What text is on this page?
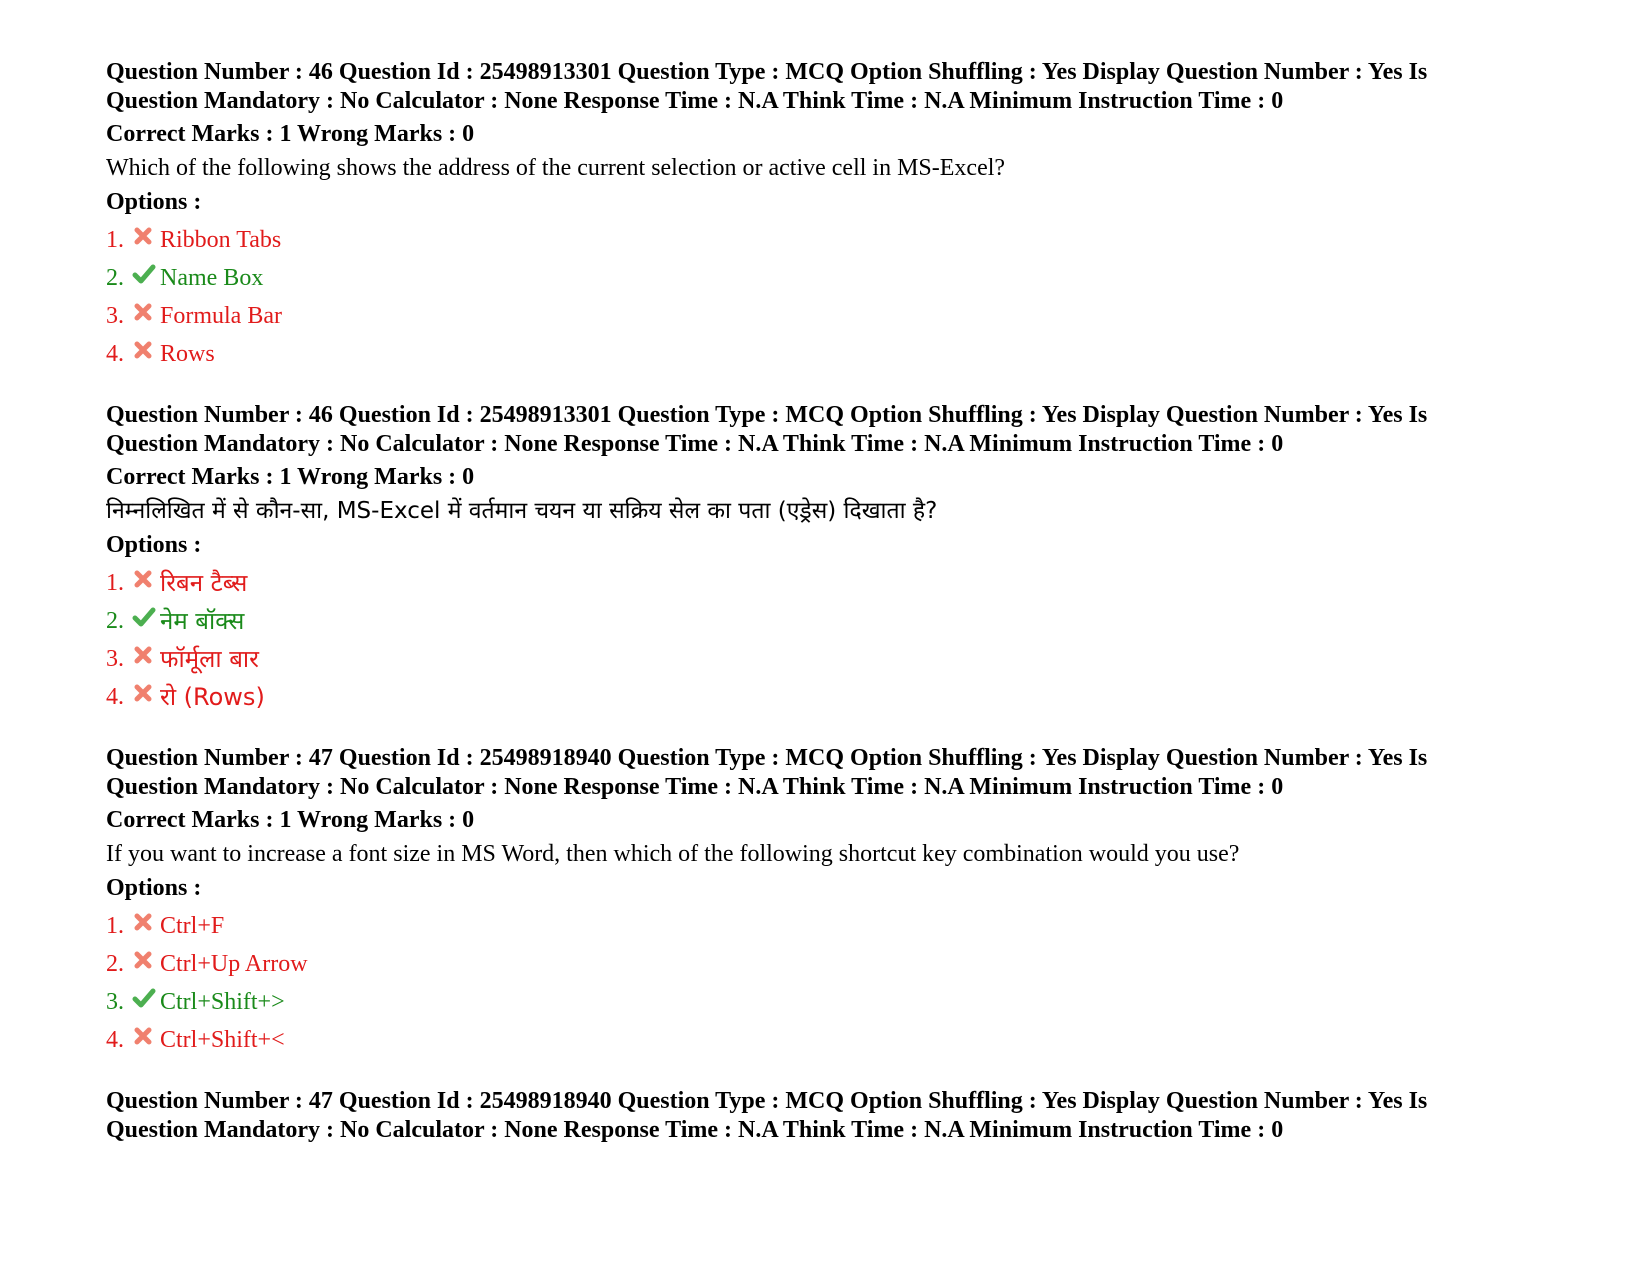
Question Number : 46 Question Id : 25498913301 Question Type : MCQ Option Shuffling : Yes Display Question Number : Yes Is

Question Mandatory : No Calculator : None Response Time : N.A Think Time : N.A Minimum Instruction Time : 0

Correct Marks : 1 Wrong Marks : 0

Which of the following shows the address of the current selection or active cell in MS-Excel?

Options :

1.	Ribbon Tabs
2.	Name Box
3.	Formula Bar
4.	Rows

Question Number : 46 Question Id : 25498913301 Question Type : MCQ Option Shuffling : Yes Display Question Number : Yes Is

Question Mandatory : No Calculator : None Response Time : N.A Think Time : N.A Minimum Instruction Time : 0

Correct Marks : 1 Wrong Marks : 0

निम्नलिखित में से कौन-सा, MS-Excel में वर्तमान चयन या सक्रिय सेल का पता (एड्रेस) दिखाता है?

Options :

1.	रिबन टैब्स
2.	नेम बॉक्स
3.	फॉर्मूला बार
4.	रो (Rows)

Question Number : 47 Question Id : 25498918940 Question Type : MCQ Option Shuffling : Yes Display Question Number : Yes Is

Question Mandatory : No Calculator : None Response Time : N.A Think Time : N.A Minimum Instruction Time : 0

Correct Marks : 1 Wrong Marks : 0

If you want to increase a font size in MS Word, then which of the following shortcut key combination would you use?

Options :

1.	Ctrl+F
2.	Ctrl+Up Arrow
3.	Ctrl+Shift+>
4.	Ctrl+Shift+<

Question Number : 47 Question Id : 25498918940 Question Type : MCQ Option Shuffling : Yes Display Question Number : Yes Is

Question Mandatory : No Calculator : None Response Time : N.A Think Time : N.A Minimum Instruction Time : 0
